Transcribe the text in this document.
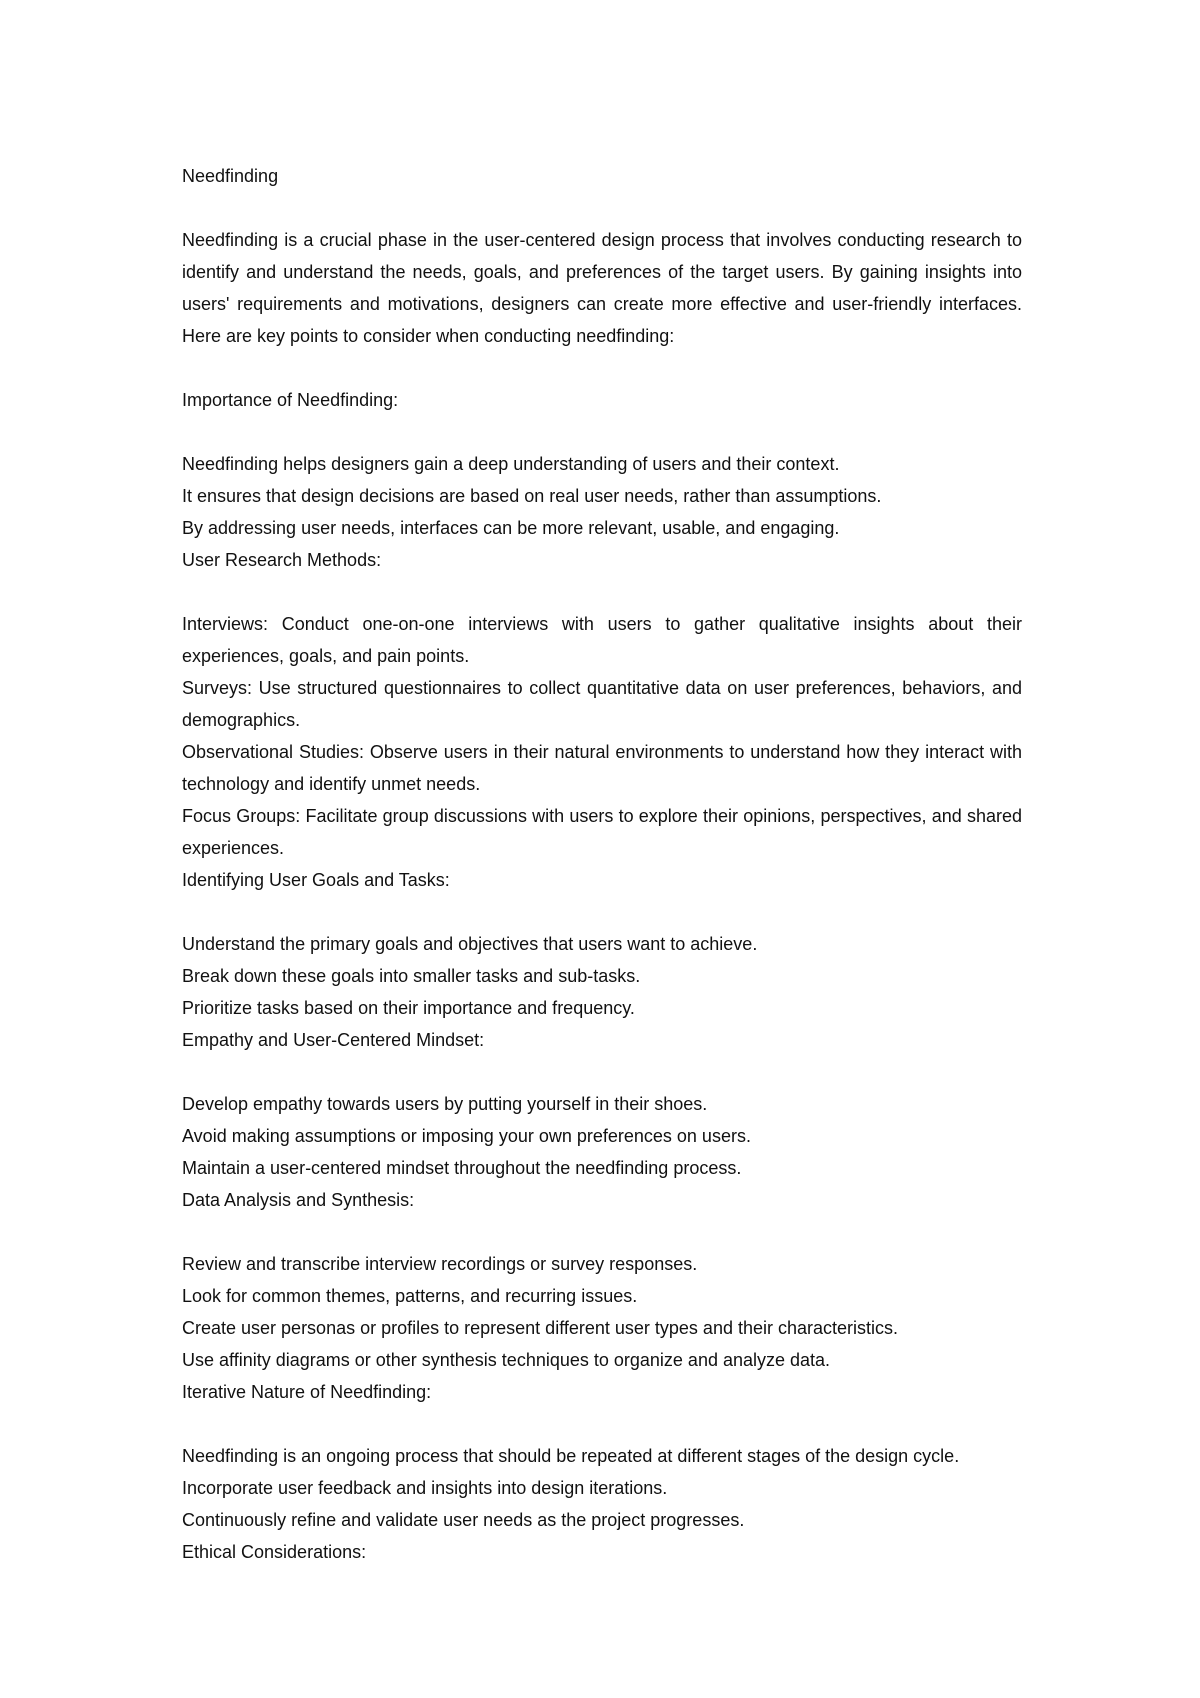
Needfinding

Needfinding is a crucial phase in the user-centered design process that involves conducting research to identify and understand the needs, goals, and preferences of the target users. By gaining insights into users' requirements and motivations, designers can create more effective and user-friendly interfaces. Here are key points to consider when conducting needfinding:

Importance of Needfinding:
Needfinding helps designers gain a deep understanding of users and their context.
It ensures that design decisions are based on real user needs, rather than assumptions.
By addressing user needs, interfaces can be more relevant, usable, and engaging.
User Research Methods:
Interviews: Conduct one-on-one interviews with users to gather qualitative insights about their experiences, goals, and pain points.
Surveys: Use structured questionnaires to collect quantitative data on user preferences, behaviors, and demographics.
Observational Studies: Observe users in their natural environments to understand how they interact with technology and identify unmet needs.
Focus Groups: Facilitate group discussions with users to explore their opinions, perspectives, and shared experiences.
Identifying User Goals and Tasks:
Understand the primary goals and objectives that users want to achieve.
Break down these goals into smaller tasks and sub-tasks.
Prioritize tasks based on their importance and frequency.
Empathy and User-Centered Mindset:
Develop empathy towards users by putting yourself in their shoes.
Avoid making assumptions or imposing your own preferences on users.
Maintain a user-centered mindset throughout the needfinding process.
Data Analysis and Synthesis:
Review and transcribe interview recordings or survey responses.
Look for common themes, patterns, and recurring issues.
Create user personas or profiles to represent different user types and their characteristics.
Use affinity diagrams or other synthesis techniques to organize and analyze data.
Iterative Nature of Needfinding:
Needfinding is an ongoing process that should be repeated at different stages of the design cycle.
Incorporate user feedback and insights into design iterations.
Continuously refine and validate user needs as the project progresses.
Ethical Considerations:
